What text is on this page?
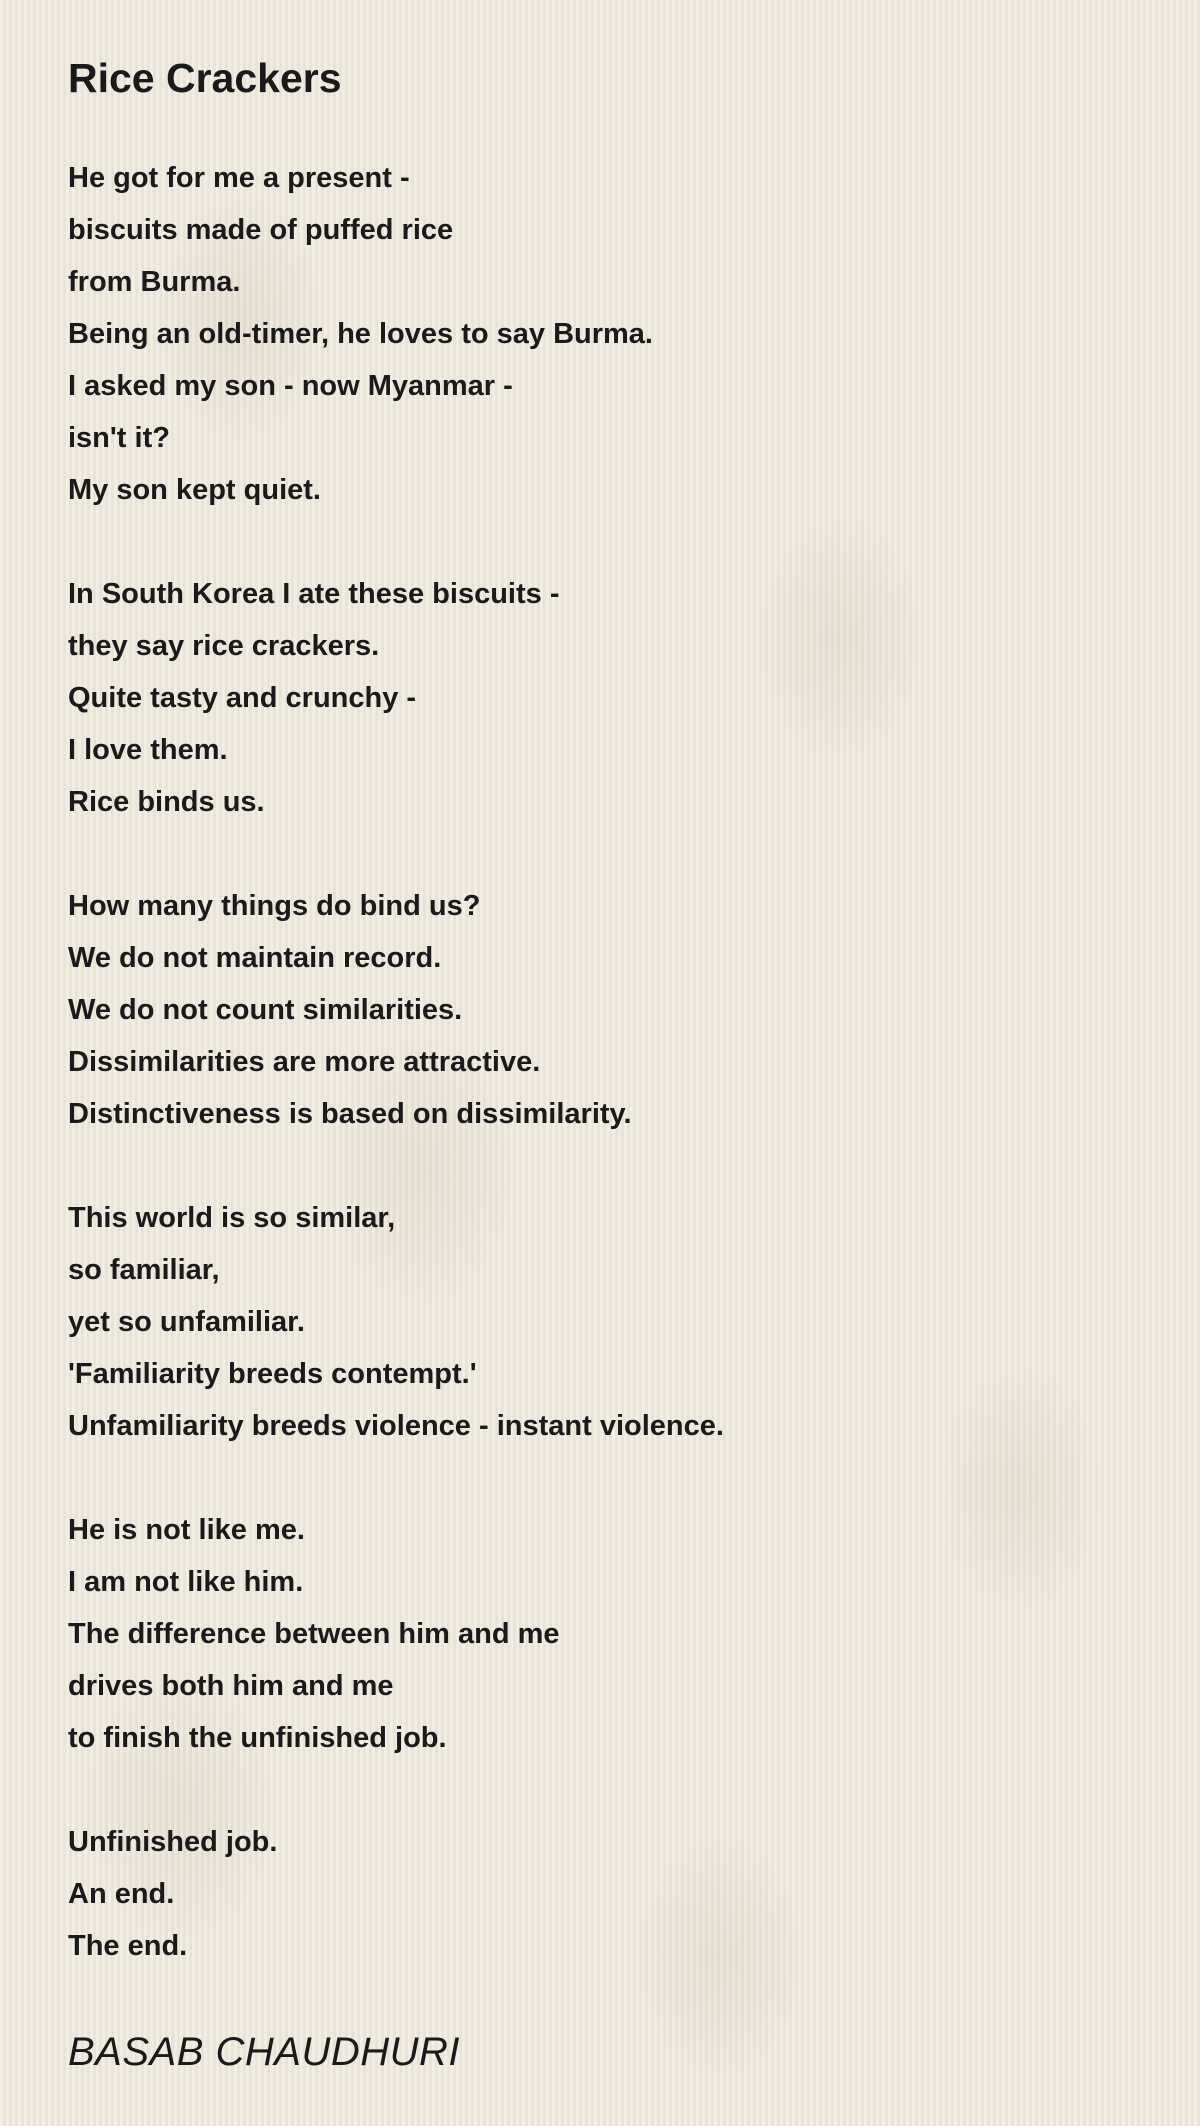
Rice Crackers
He got for me a present -
biscuits made of puffed rice
from Burma.
Being an old-timer, he loves to say Burma.
I asked my son - now Myanmar -
isn't it?
My son kept quiet.
In South Korea I ate these biscuits -
they say rice crackers.
Quite tasty and crunchy -
I love them.
Rice binds us.
How many things do bind us?
We do not maintain record.
We do not count similarities.
Dissimilarities are more attractive.
Distinctiveness is based on dissimilarity.
This world is so similar,
so familiar,
yet so unfamiliar.
'Familiarity breeds contempt.'
Unfamiliarity breeds violence - instant violence.
He is not like me.
I am not like him.
The difference between him and me
drives both him and me
to finish the unfinished job.
Unfinished job.
An end.
The end.
BASAB CHAUDHURI
